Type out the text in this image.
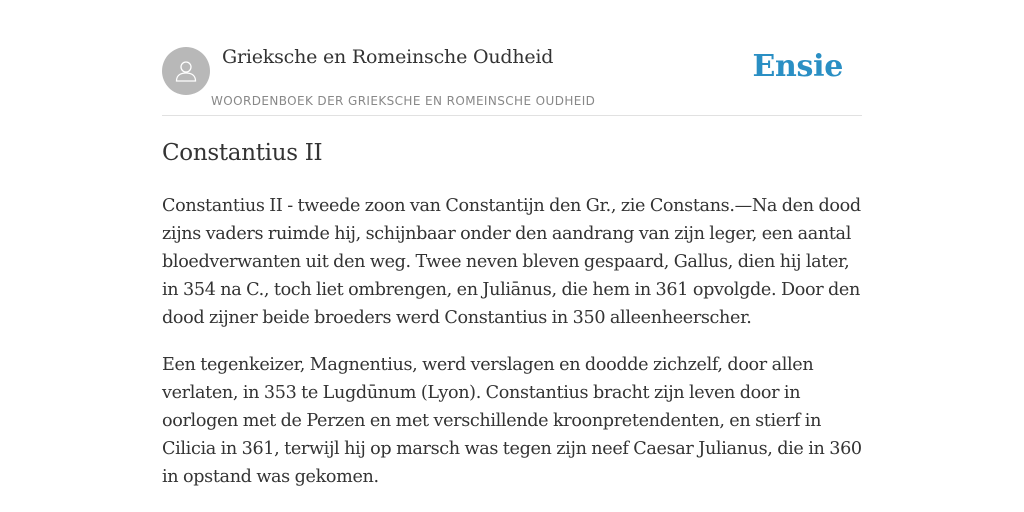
Grieksche en Romeinsche Oudheid
WOORDENBOEK DER GRIEKSCHE EN ROMEINSCHE OUDHEID
Ensie
Constantius II

Constantius II - tweede zoon van Constantijn den Gr., zie Constans.—Na den dood zijns vaders ruimde hij, schijnbaar onder den aandrang van zijn leger, een aantal bloedverwanten uit den weg. Twee neven bleven gespaard, Gallus, dien hij later, in 354 na C., toch liet ombrengen, en Juliānus, die hem in 361 opvolgde. Door den dood zijner beide broeders werd Constantius in 350 alleenheerscher.

Een tegenkeizer, Magnentius, werd verslagen en doodde zichzelf, door allen verlaten, in 353 te Lugdūnum (Lyon). Constantius bracht zijn leven door in oorlogen met de Perzen en met verschillende kroonpretendenten, en stierf in Cilicia in 361, terwijl hij op marsch was tegen zijn neef Caesar Julianus, die in 360 in opstand was gekomen.
